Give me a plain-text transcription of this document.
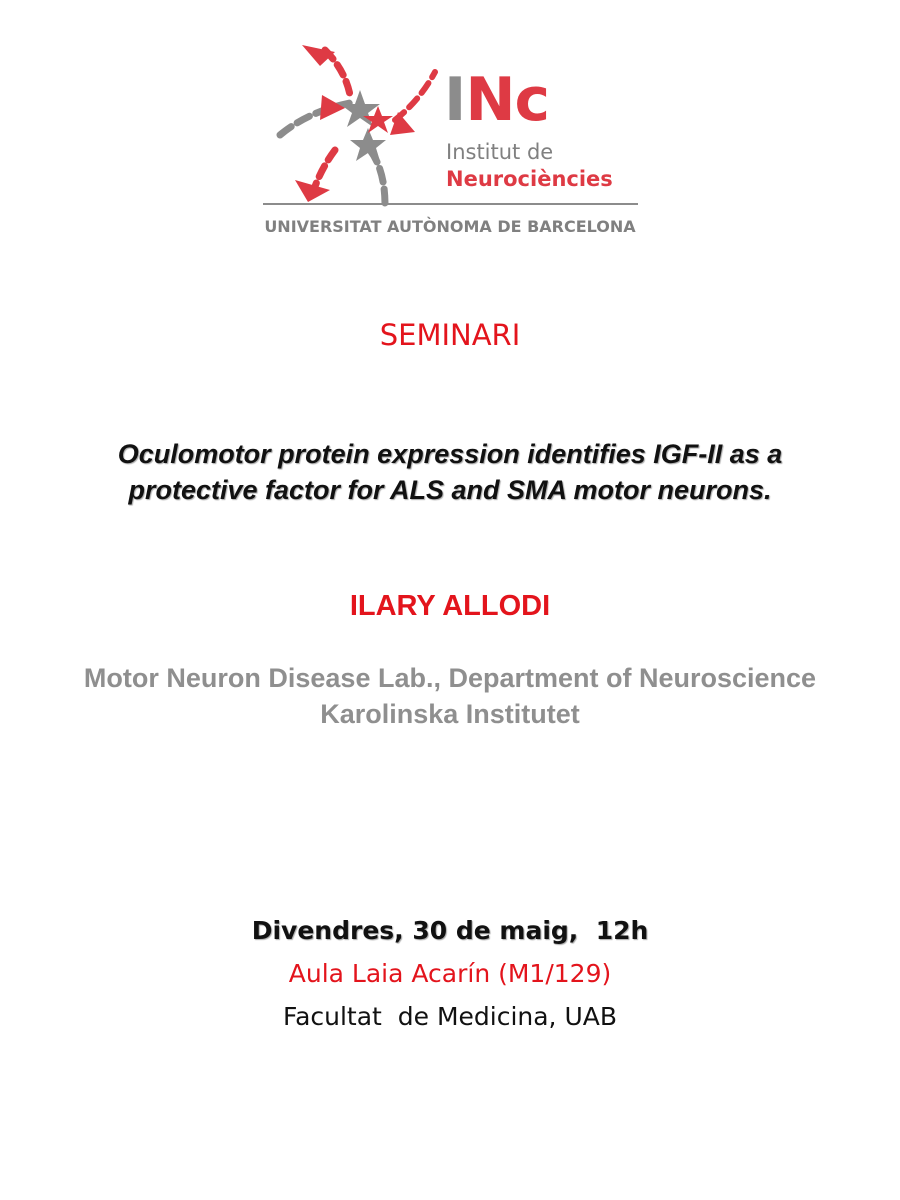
INc
Institut de
Neurociències
UNIVERSITAT AUTÒNOMA DE BARCELONA
SEMINARI
Oculomotor protein expression identifies IGF-II as a
protective factor for ALS and SMA motor neurons.
ILARY ALLODI
Motor Neuron Disease Lab., Department of Neuroscience
Karolinska Institutet
Divendres, 30 de maig,  12h
Aula Laia Acarín (M1/129)
Facultat  de Medicina, UAB
